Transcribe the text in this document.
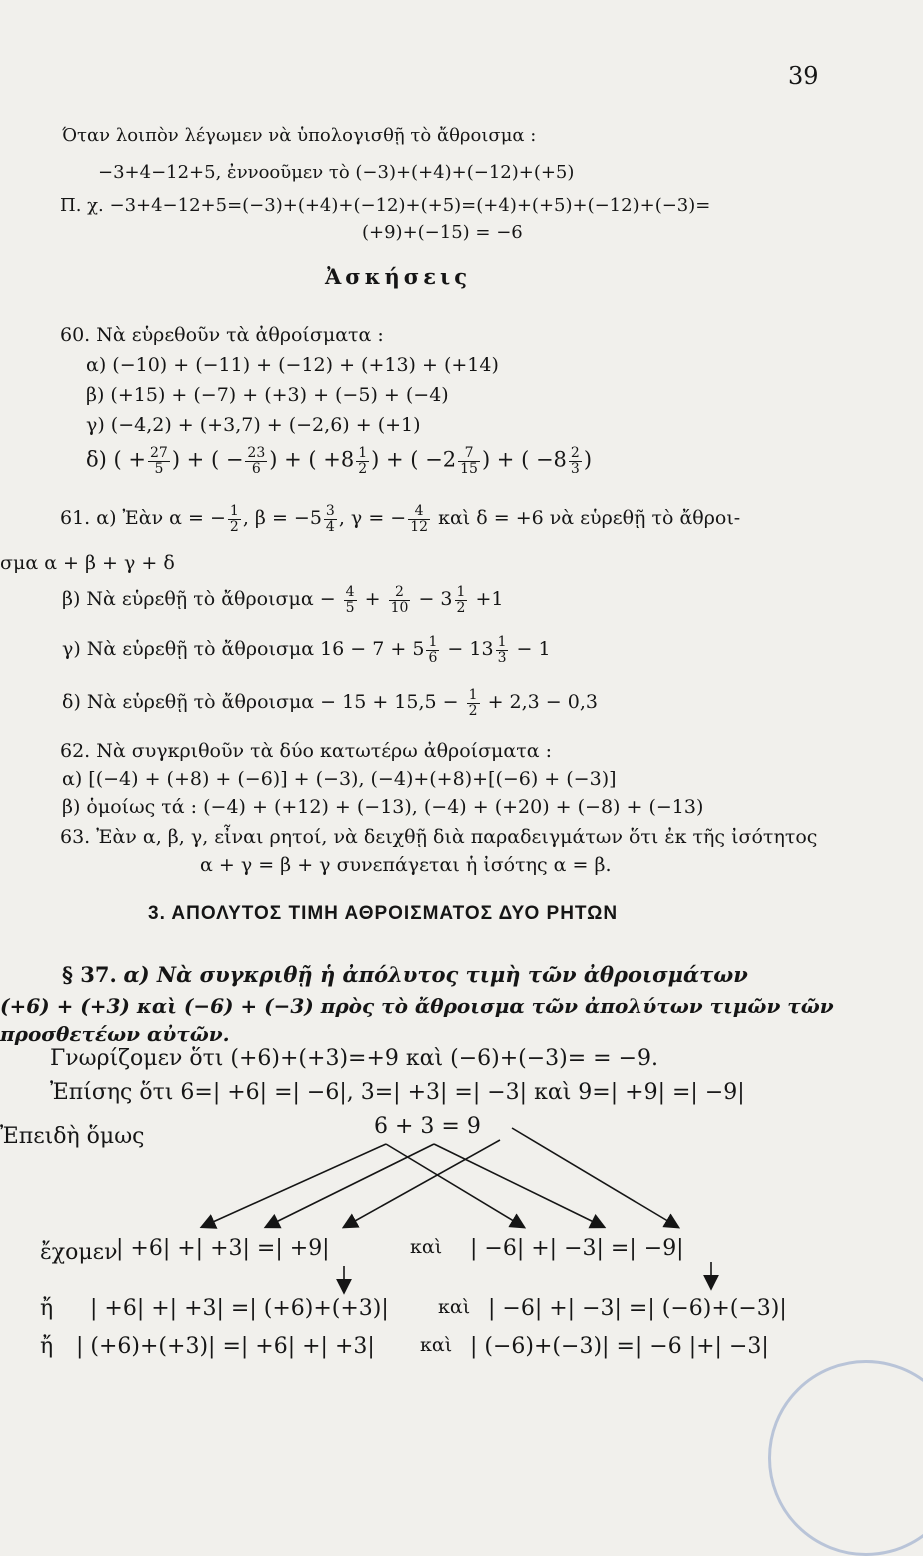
39
Όταν λοιπὸν λέγωμεν νὰ ὑπολογισθῇ τὸ ἄθροισμα :
−3+4−12+5, ἐννοοῦμεν τὸ (−3)+(+4)+(−12)+(+5)
Π. χ. −3+4−12+5=(−3)+(+4)+(−12)+(+5)=(+4)+(+5)+(−12)+(−3)=
(+9)+(−15) = −6
Ἀσκήσεις
60. Νὰ εὑρεθοῦν τὰ ἀθροίσματα :
α) (−10) + (−11) + (−12) + (+13) + (+14)
β) (+15) + (−7) + (+3) + (−5) + (−4)
γ) (−4,2) + (+3,7) + (−2,6) + (+1)
δ) ( + $\frac{27}{5}$ ) + ( − $\frac{23}{6}$ ) + ( $+8 \frac{1}{2}$ ) + ( $-2 \frac{7}{15}$ ) + ( $-8 \frac{2}{3}$ )
61. α) Ἐὰν α = − $\frac{1}{2}$ , $\beta = -5 \frac{3}{4}$ , γ = − $\frac{4}{12}$ καὶ δ = +6 νὰ εὑρεθῇ τὸ ἄθροι-
σμα α + β + γ + δ
β) Νὰ εὑρεθῇ τὸ ἄθροισμα − $\frac{4}{5} + \frac{2}{10} - 3 \frac{1}{2} +1$
γ) Νὰ εὑρεθῇ τὸ ἄθροισμα $16 - 7 + 5 \frac{1}{6} - 13 \frac{1}{3} - 1$
δ) Νὰ εὑρεθῇ τὸ ἄθροισμα − $15 + 15,5 - \frac{1}{2} + 2,3 - 0,3$
62. Νὰ συγκριθοῦν τὰ δύο κατωτέρω ἀθροίσματα :
α) [(−4) + (+8) + (−6)] + (−3), (−4)+(+8)+[(−6) + (−3)]
β) ὁμοίως τά : (−4) + (+12) + (−13), (−4) + (+20) + (−8) + (−13)
63. Ἐὰν α, β, γ, εἶναι ρητοί, νὰ δειχθῇ διὰ παραδειγμάτων ὅτι ἐκ τῆς ἰσότητος
α + γ = β + γ συνεπάγεται ἡ ἰσότης α = β.
3. ΑΠΟΛΥΤΟΣ ΤΙΜΗ ΑΘΡΟΙΣΜΑΤΟΣ ΔΥΟ ΡΗΤΩΝ
§ 37. α) Νὰ συγκριθῇ ἡ ἀπόλυτος τιμὴ τῶν ἀθροισμάτων
(+6) + (+3) καὶ (−6) + (−3) πρὸς τὸ ἄθροισμα τῶν ἀπολύτων τιμῶν τῶν
προσθετέων αὐτῶν.
Γνωρίζομεν ὅτι (+6)+(+3)=+9 καὶ (−6)+(−3)= = −9.
Ἐπίσης ὅτι 6=| +6| =| −6|, 3=| +3| =| −3| καὶ 9=| +9| =| −9|
Ἐπειδὴ ὅμως	6 + 3 = 9
ἔχομεν
| +6| +| +3| =| +9|	καὶ | −6| +| −3| =| −9|
ἤ | +6| +| +3| =| (+6)+(+3)|	καὶ | −6| +| −3| =| (−6)+(−3)|
ἤ | (+6)+(+3)| =| +6| +| +3| καὶ | (−6)+(−3)| =| −6 |+| −3|
